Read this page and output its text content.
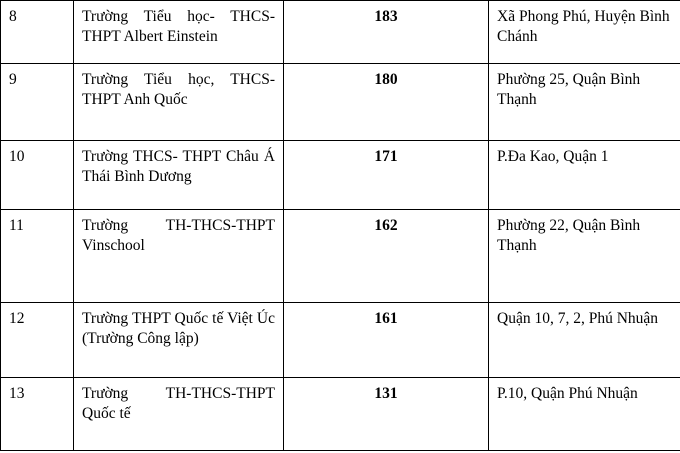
8	Trường Tiểu học- THCS-THPT Albert Einstein	183	Xã Phong Phú, Huyện Bình Chánh
9	Trường Tiểu học, THCS-THPT Anh Quốc	180	Phường 25, Quận Bình Thạnh
10	Trường THCS- THPT Châu Á Thái Bình Dương	171	P.Đa Kao, Quận 1
11	Trường TH-THCS-THPT Vinschool	162	Phường 22, Quận Bình Thạnh
12	Trường THPT Quốc tế Việt Úc (Trường Công lập)	161	Quận 10, 7, 2, Phú Nhuận
13	Trường TH-THCS-THPT Quốc tế	131	P.10, Quận Phú Nhuận
